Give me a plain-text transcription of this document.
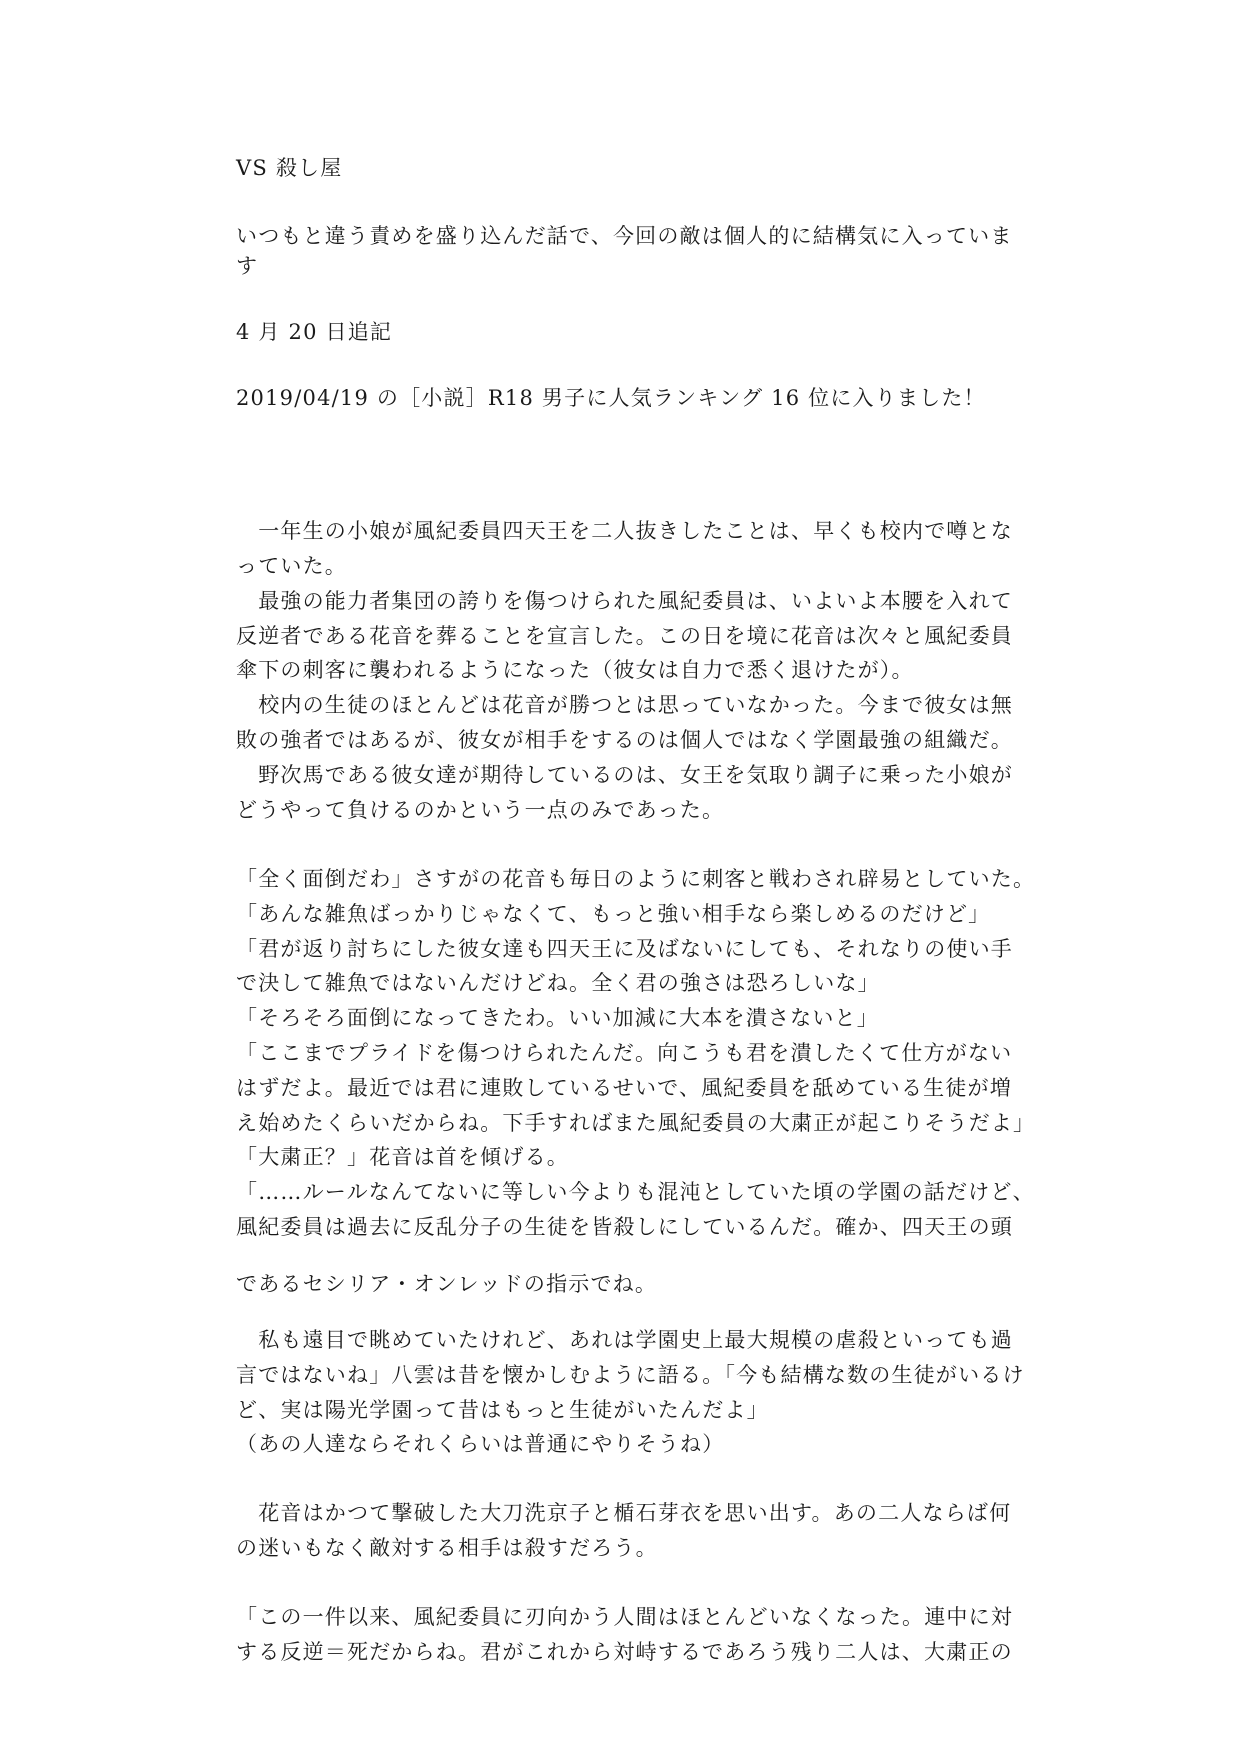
VS 殺し屋
いつもと違う責めを盛り込んだ話で、今回の敵は個人的に結構気に入っていま
す
4 月 20 日追記
2019/04/19 の［小説］R18 男子に人気ランキング 16 位に入りました！
　一年生の小娘が風紀委員四天王を二人抜きしたことは、早くも校内で噂とな
っていた。
　最強の能力者集団の誇りを傷つけられた風紀委員は、いよいよ本腰を入れて
反逆者である花音を葬ることを宣言した。この日を境に花音は次々と風紀委員
傘下の刺客に襲われるようになった（彼女は自力で悉く退けたが）。
　校内の生徒のほとんどは花音が勝つとは思っていなかった。今まで彼女は無
敗の強者ではあるが、彼女が相手をするのは個人ではなく学園最強の組織だ。
　野次馬である彼女達が期待しているのは、女王を気取り調子に乗った小娘が
どうやって負けるのかという一点のみであった。
「全く面倒だわ」さすがの花音も毎日のように刺客と戦わされ辟易としていた。
「あんな雑魚ばっかりじゃなくて、もっと強い相手なら楽しめるのだけど」
「君が返り討ちにした彼女達も四天王に及ばないにしても、それなりの使い手
で決して雑魚ではないんだけどね。全く君の強さは恐ろしいな」
「そろそろ面倒になってきたわ。いい加減に大本を潰さないと」
「ここまでプライドを傷つけられたんだ。向こうも君を潰したくて仕方がない
はずだよ。最近では君に連敗しているせいで、風紀委員を舐めている生徒が増
え始めたくらいだからね。下手すればまた風紀委員の大粛正が起こりそうだよ」
「大粛正？」花音は首を傾げる。
「……ルールなんてないに等しい今よりも混沌としていた頃の学園の話だけど、
風紀委員は過去に反乱分子の生徒を皆殺しにしているんだ。確か、四天王の頭
であるセシリア・オンレッドの指示でね。
　私も遠目で眺めていたけれど、あれは学園史上最大規模の虐殺といっても過
言ではないね」八雲は昔を懐かしむように語る。「今も結構な数の生徒がいるけ
ど、実は陽光学園って昔はもっと生徒がいたんだよ」
（あの人達ならそれくらいは普通にやりそうね）
　花音はかつて撃破した大刀洗京子と楯石芽衣を思い出す。あの二人ならば何
の迷いもなく敵対する相手は殺すだろう。
「この一件以来、風紀委員に刃向かう人間はほとんどいなくなった。連中に対
する反逆＝死だからね。君がこれから対峙するであろう残り二人は、大粛正の
